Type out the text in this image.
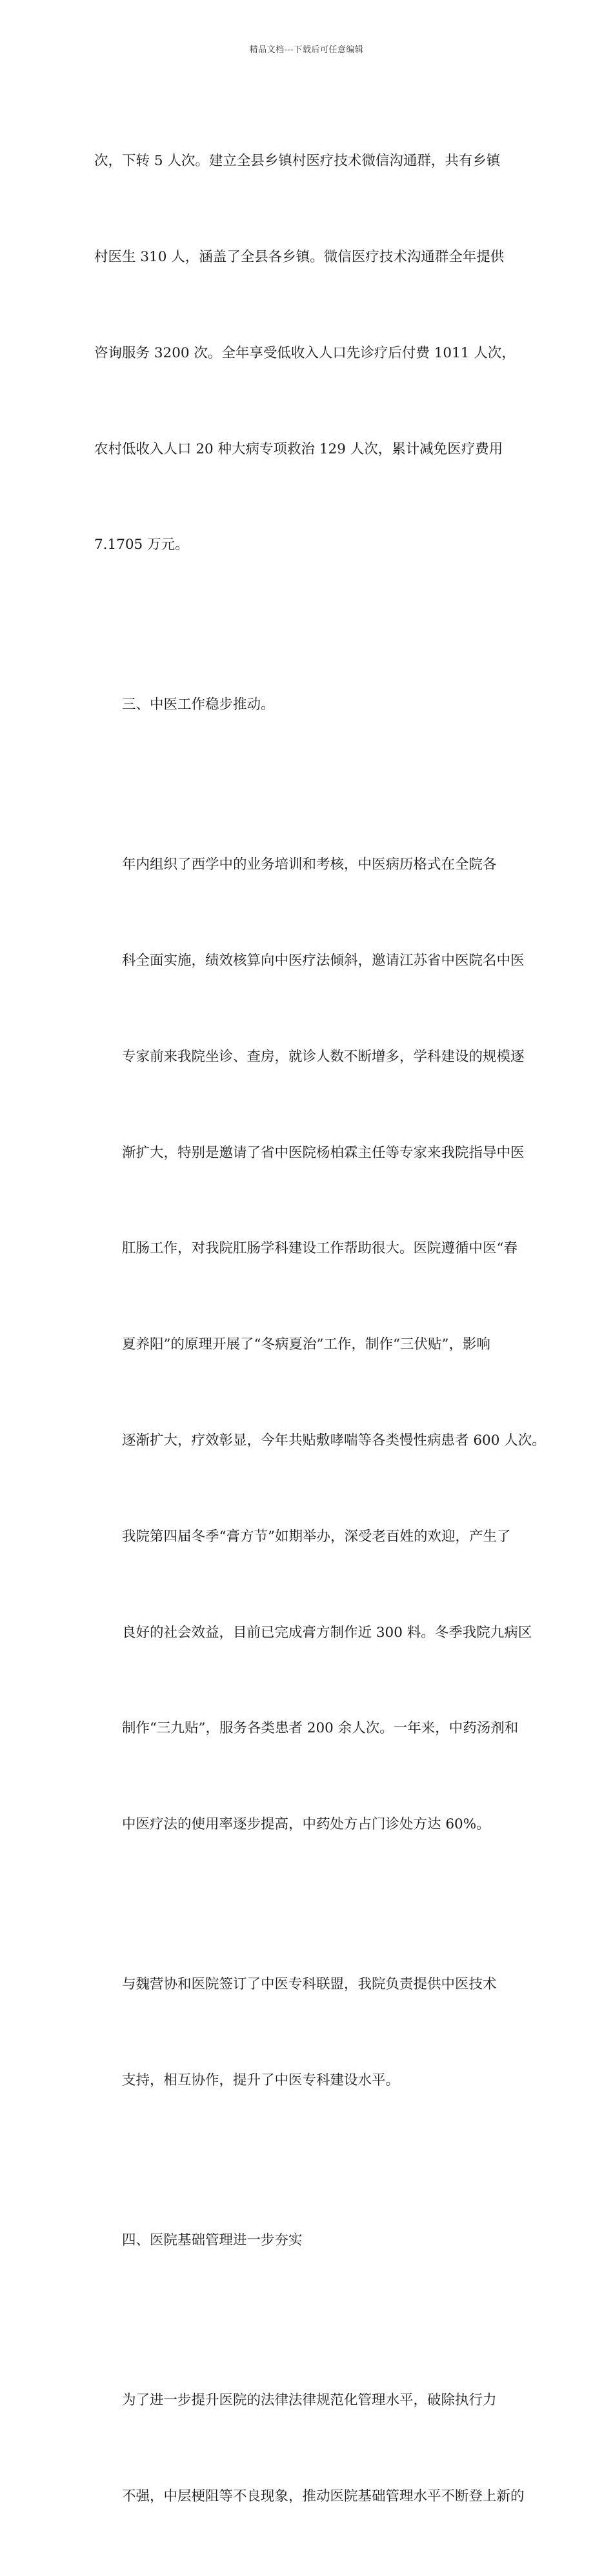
精品文档---下载后可任意编辑

次，下转 5 人次。建立全县乡镇村医疗技术微信沟通群，共有乡镇

村医生 310 人，涵盖了全县各乡镇。微信医疗技术沟通群全年提供

咨询服务 3200 次。全年享受低收入人口先诊疗后付费 1011 人次，

农村低收入人口 20 种大病专项救治 129 人次，累计减免医疗费用

7.1705 万元。

三、中医工作稳步推动。

年内组织了西学中的业务培训和考核，中医病历格式在全院各

科全面实施，绩效核算向中医疗法倾斜，邀请江苏省中医院名中医

专家前来我院坐诊、查房，就诊人数不断增多，学科建设的规模逐

渐扩大，特别是邀请了省中医院杨柏霖主任等专家来我院指导中医

肛肠工作，对我院肛肠学科建设工作帮助很大。医院遵循中医“春

夏养阳”的原理开展了“冬病夏治”工作，制作“三伏贴”，影响

逐渐扩大，疗效彰显，今年共贴敷哮喘等各类慢性病患者 600 人次。

我院第四届冬季“膏方节”如期举办，深受老百姓的欢迎，产生了

良好的社会效益，目前已完成膏方制作近 300 料。冬季我院九病区

制作“三九贴”，服务各类患者 200 余人次。一年来，中药汤剂和

中医疗法的使用率逐步提高，中药处方占门诊处方达 60%。

与魏营协和医院签订了中医专科联盟，我院负责提供中医技术

支持，相互协作，提升了中医专科建设水平。

四、医院基础管理进一步夯实

为了进一步提升医院的法律法律规范化管理水平，破除执行力

不强，中层梗阻等不良现象，推动医院基础管理水平不断登上新的
